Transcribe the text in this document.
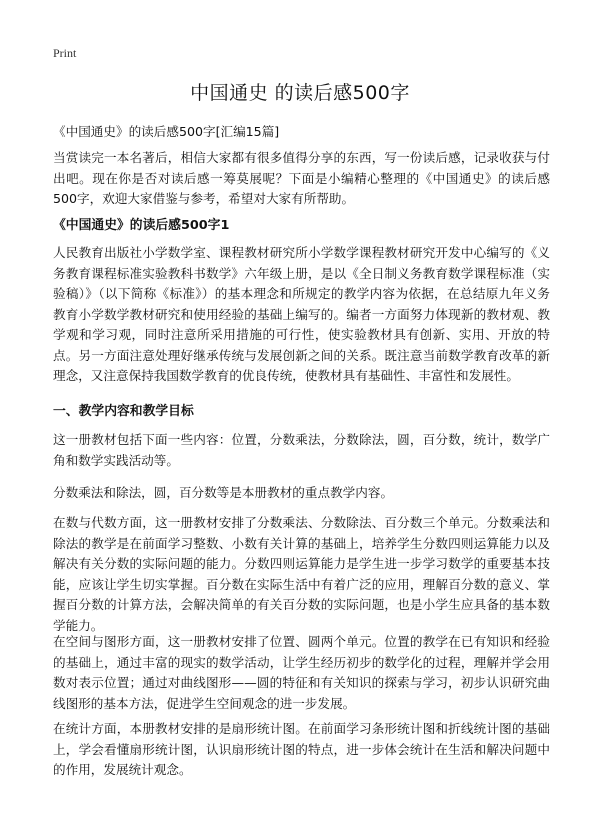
Print
中国通史 的读后感500字

《中国通史》的读后感500字[汇编15篇]

当赏读完一本名著后，相信大家都有很多值得分享的东西，写一份读后感，记录收获与付出吧。现在你是否对读后感一筹莫展呢？下面是小编精心整理的《中国通史》的读后感500字，欢迎大家借鉴与参考，希望对大家有所帮助。

《中国通史》的读后感500字1

人民教育出版社小学数学室、课程教材研究所小学数学课程教材研究开发中心编写的《义务教育课程标准实验教科书数学》六年级上册，是以《全日制义务教育数学课程标准（实验稿）》（以下简称《标准》）的基本理念和所规定的教学内容为依据，在总结原九年义务教育小学数学教材研究和使用经验的基础上编写的。编者一方面努力体现新的教材观、教学观和学习观，同时注意所采用措施的可行性，使实验教材具有创新、实用、开放的特点。另一方面注意处理好继承传统与发展创新之间的关系。既注意当前数学教育改革的新理念，又注意保持我国数学教育的优良传统，使教材具有基础性、丰富性和发展性。

一、教学内容和教学目标

这一册教材包括下面一些内容：位置，分数乘法，分数除法，圆，百分数，统计，数学广角和数学实践活动等。

分数乘法和除法，圆，百分数等是本册教材的重点教学内容。

在数与代数方面，这一册教材安排了分数乘法、分数除法、百分数三个单元。分数乘法和除法的教学是在前面学习整数、小数有关计算的基础上，培养学生分数四则运算能力以及解决有关分数的实际问题的能力。分数四则运算能力是学生进一步学习数学的重要基本技能，应该让学生切实掌握。百分数在实际生活中有着广泛的应用，理解百分数的意义、掌握百分数的计算方法，会解决简单的有关百分数的实际问题，也是小学生应具备的基本数学能力。

在空间与图形方面，这一册教材安排了位置、圆两个单元。位置的教学在已有知识和经验的基础上，通过丰富的现实的数学活动，让学生经历初步的数学化的过程，理解并学会用数对表示位置；通过对曲线图形——圆的特征和有关知识的探索与学习，初步认识研究曲线图形的基本方法，促进学生空间观念的进一步发展。

在统计方面，本册教材安排的是扇形统计图。在前面学习条形统计图和折线统计图的基础上，学会看懂扇形统计图，认识扇形统计图的特点，进一步体会统计在生活和解决问题中的作用，发展统计观念。
